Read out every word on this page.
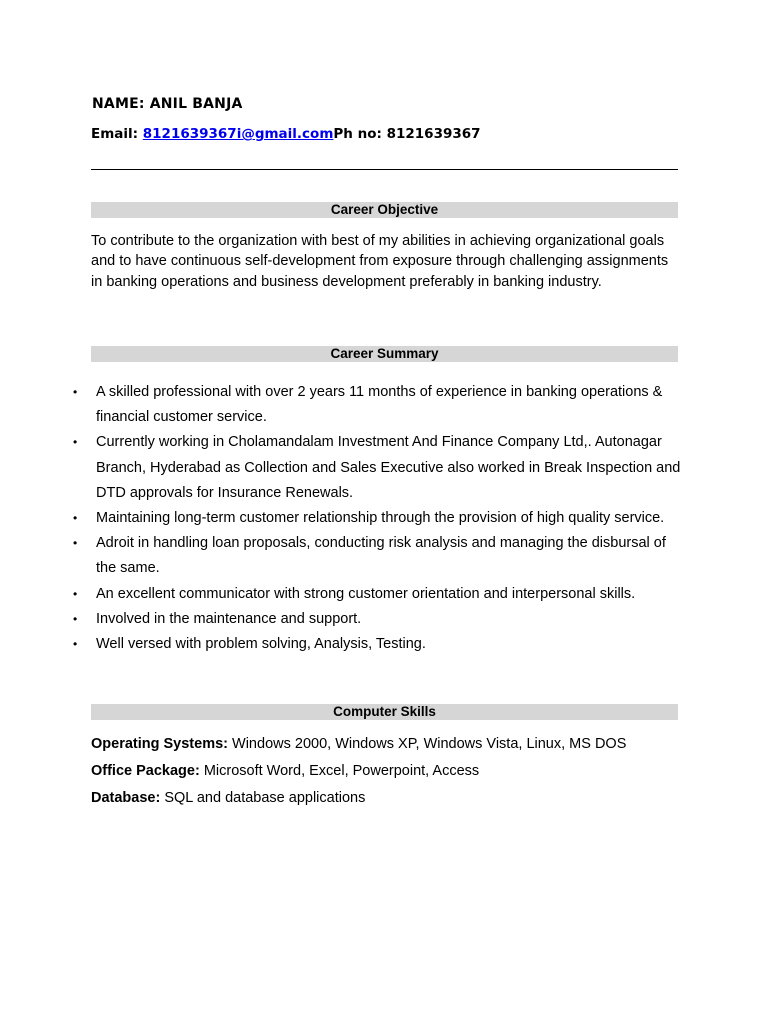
NAME: ANIL BANJA
Email: 8121639367i@gmail.comPh no: 8121639367
Career Objective
To contribute to the organization with best of my abilities in achieving organizational goals and to have continuous self-development from exposure through challenging assignments in banking operations and business development preferably in banking industry.
Career Summary
• A skilled professional with over 2 years 11 months of experience in banking operations & financial customer service.
• Currently working in Cholamandalam Investment And Finance Company Ltd,. Autonagar Branch, Hyderabad as Collection and Sales Executive also worked in Break Inspection and DTD approvals for Insurance Renewals.
• Maintaining long-term customer relationship through the provision of high quality service.
• Adroit in handling loan proposals, conducting risk analysis and managing the disbursal of the same.
• An excellent communicator with strong customer orientation and interpersonal skills.
• Involved in the maintenance and support.
• Well versed with problem solving, Analysis, Testing.
Computer Skills
Operating Systems: Windows 2000, Windows XP, Windows Vista, Linux, MS DOS
Office Package: Microsoft Word, Excel, Powerpoint, Access
Database: SQL and database applications
